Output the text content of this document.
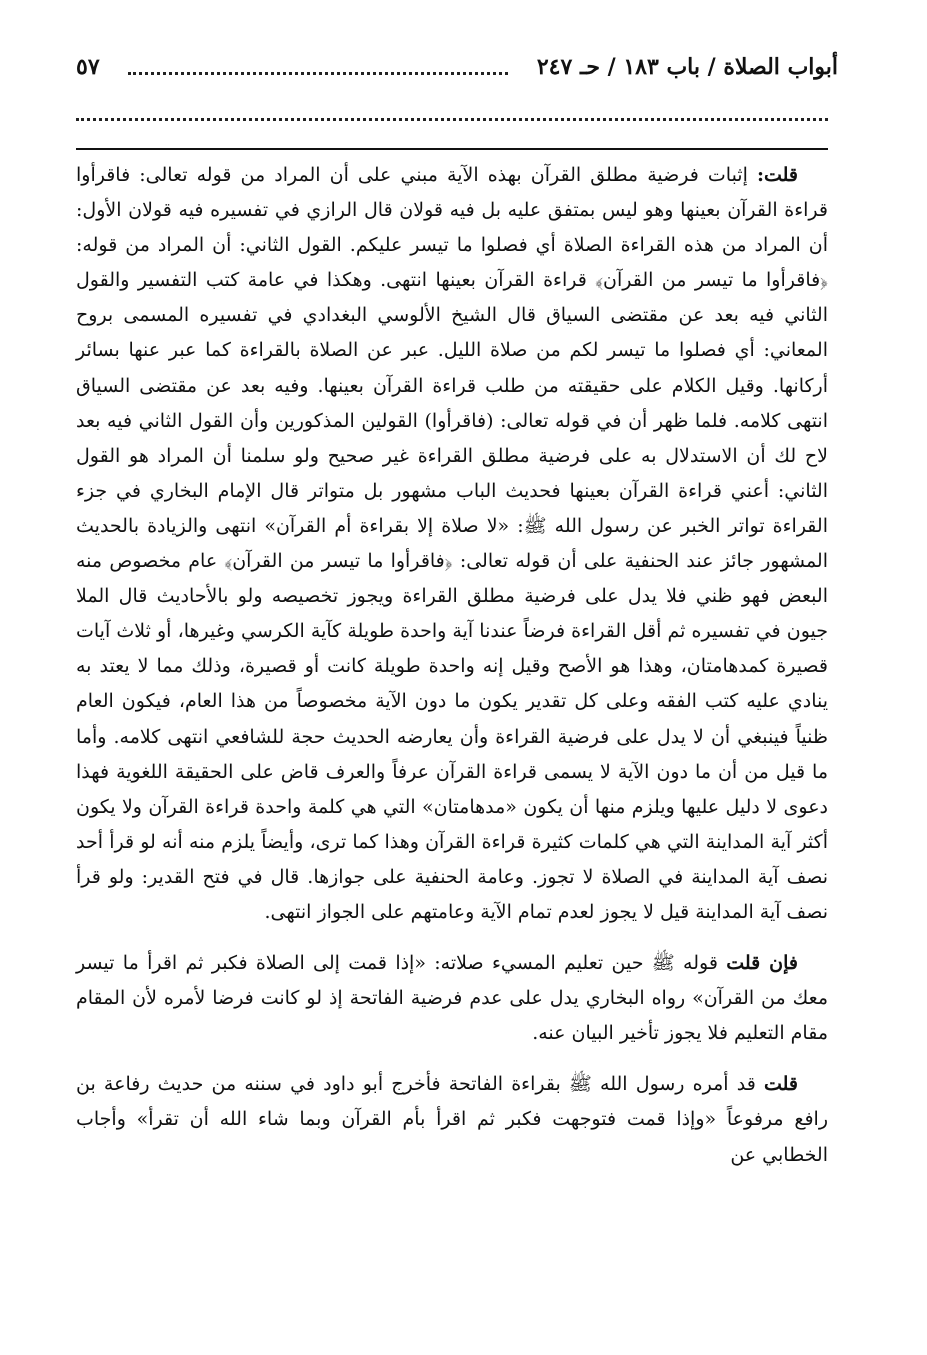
أبواب الصلاة / باب ١٨٣ / حـ ٢٤٧
٥٧

قلت: إثبات فرضية مطلق القرآن بهذه الآية مبني على أن المراد من قوله تعالى: فاقرأوا قراءة القرآن بعينها وهو ليس بمتفق عليه بل فيه قولان قال الرازي في تفسيره فيه قولان الأول: أن المراد من هذه القراءة الصلاة أي فصلوا ما تيسر عليكم. القول الثاني: أن المراد من قوله: ﴿فاقرأوا ما تيسر من القرآن﴾ قراءة القرآن بعينها انتهى. وهكذا في عامة كتب التفسير والقول الثاني فيه بعد عن مقتضى السياق قال الشيخ الألوسي البغدادي في تفسيره المسمى بروح المعاني: أي فصلوا ما تيسر لكم من صلاة الليل. عبر عن الصلاة بالقراءة كما عبر عنها بسائر أركانها. وقيل الكلام على حقيقته من طلب قراءة القرآن بعينها. وفيه بعد عن مقتضى السياق انتهى كلامه. فلما ظهر أن في قوله تعالى: (فاقرأوا) القولين المذكورين وأن القول الثاني فيه بعد لاح لك أن الاستدلال به على فرضية مطلق القراءة غير صحيح ولو سلمنا أن المراد هو القول الثاني: أعني قراءة القرآن بعينها فحديث الباب مشهور بل متواتر قال الإمام البخاري في جزء القراءة تواتر الخبر عن رسول الله ﷺ: «لا صلاة إلا بقراءة أم القرآن» انتهى والزيادة بالحديث المشهور جائز عند الحنفية على أن قوله تعالى: ﴿فاقرأوا ما تيسر من القرآن﴾ عام مخصوص منه البعض فهو ظني فلا يدل على فرضية مطلق القراءة ويجوز تخصيصه ولو بالأحاديث قال الملا جيون في تفسيره ثم أقل القراءة فرضاً عندنا آية واحدة طويلة كآية الكرسي وغيرها، أو ثلاث آيات قصيرة كمدهامتان، وهذا هو الأصح وقيل إنه واحدة طويلة كانت أو قصيرة، وذلك مما لا يعتد به ينادي عليه كتب الفقه وعلى كل تقدير يكون ما دون الآية مخصوصاً من هذا العام، فيكون العام ظنياً فينبغي أن لا يدل على فرضية القراءة وأن يعارضه الحديث حجة للشافعي انتهى كلامه. وأما ما قيل من أن ما دون الآية لا يسمى قراءة القرآن عرفاً والعرف قاض على الحقيقة اللغوية فهذا دعوى لا دليل عليها ويلزم منها أن يكون «مدهامتان» التي هي كلمة واحدة قراءة القرآن ولا يكون أكثر آية المداينة التي هي كلمات كثيرة قراءة القرآن وهذا كما ترى، وأيضاً يلزم منه أنه لو قرأ أحد نصف آية المداينة في الصلاة لا تجوز. وعامة الحنفية على جوازها. قال في فتح القدير: ولو قرأ نصف آية المداينة قيل لا يجوز لعدم تمام الآية وعامتهم على الجواز انتهى.

فإن قلت قوله ﷺ حين تعليم المسيء صلاته: «إذا قمت إلى الصلاة فكبر ثم اقرأ ما تيسر معك من القرآن» رواه البخاري يدل على عدم فرضية الفاتحة إذ لو كانت فرضا لأمره لأن المقام مقام التعليم فلا يجوز تأخير البيان عنه.

قلت قد أمره رسول الله ﷺ بقراءة الفاتحة فأخرج أبو داود في سننه من حديث رفاعة بن رافع مرفوعاً «وإذا قمت فتوجهت فكبر ثم اقرأ بأم القرآن وبما شاء الله أن تقرأ» وأجاب الخطابي عن
